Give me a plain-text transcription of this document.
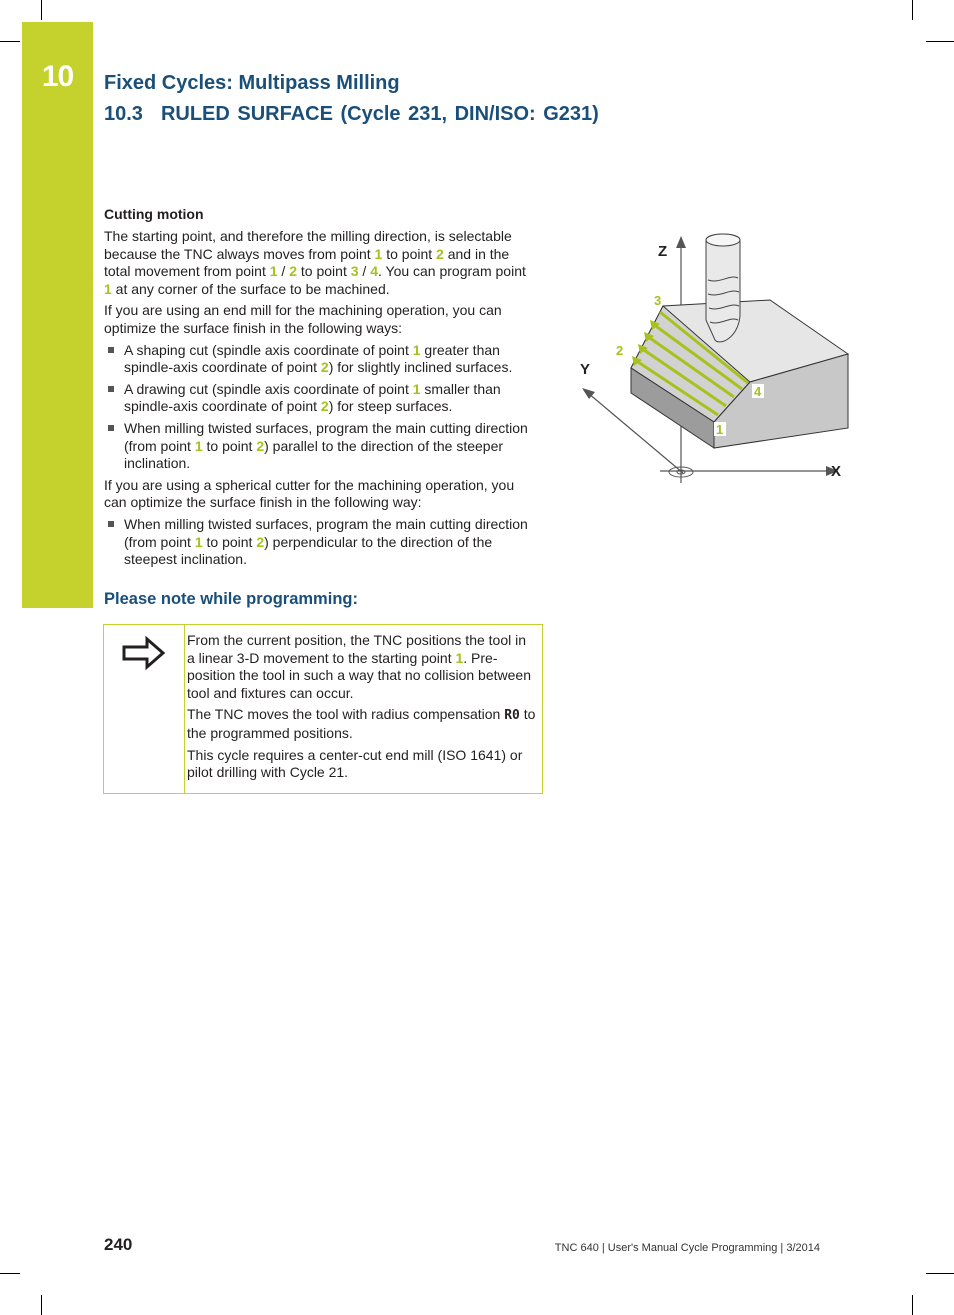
10	Fixed Cycles: Multipass Milling
10.3 RULED SURFACE (Cycle 231, DIN/ISO: G231)
Cutting motion

The starting point, and therefore the milling direction, is selectable because the TNC always moves from point 1 to point 2 and in the total movement from point 1 / 2 to point 3 / 4. You can program point 1 at any corner of the surface to be machined.

If you are using an end mill for the machining operation, you can optimize the surface finish in the following ways:

A shaping cut (spindle axis coordinate of point 1 greater than spindle-axis coordinate of point 2) for slightly inclined surfaces.
A drawing cut (spindle axis coordinate of point 1 smaller than spindle-axis coordinate of point 2) for steep surfaces.
When milling twisted surfaces, program the main cutting direction (from point 1 to point 2) parallel to the direction of the steeper inclination.

If you are using a spherical cutter for the machining operation, you can optimize the surface finish in the following way:

When milling twisted surfaces, program the main cutting direction (from point 1 to point 2) perpendicular to the direction of the steepest inclination.
Please note while programming:

From the current position, the TNC positions the tool in a linear 3-D movement to the starting point 1. Pre-position the tool in such a way that no collision between tool and fixtures can occur.

The TNC moves the tool with radius compensation R0 to the programmed positions.

This cycle requires a center-cut end mill (ISO 1641) or pilot drilling with Cycle 21.

Z
Y
X
3
2
4
1
240	TNC 640 | User's Manual Cycle Programming | 3/2014
